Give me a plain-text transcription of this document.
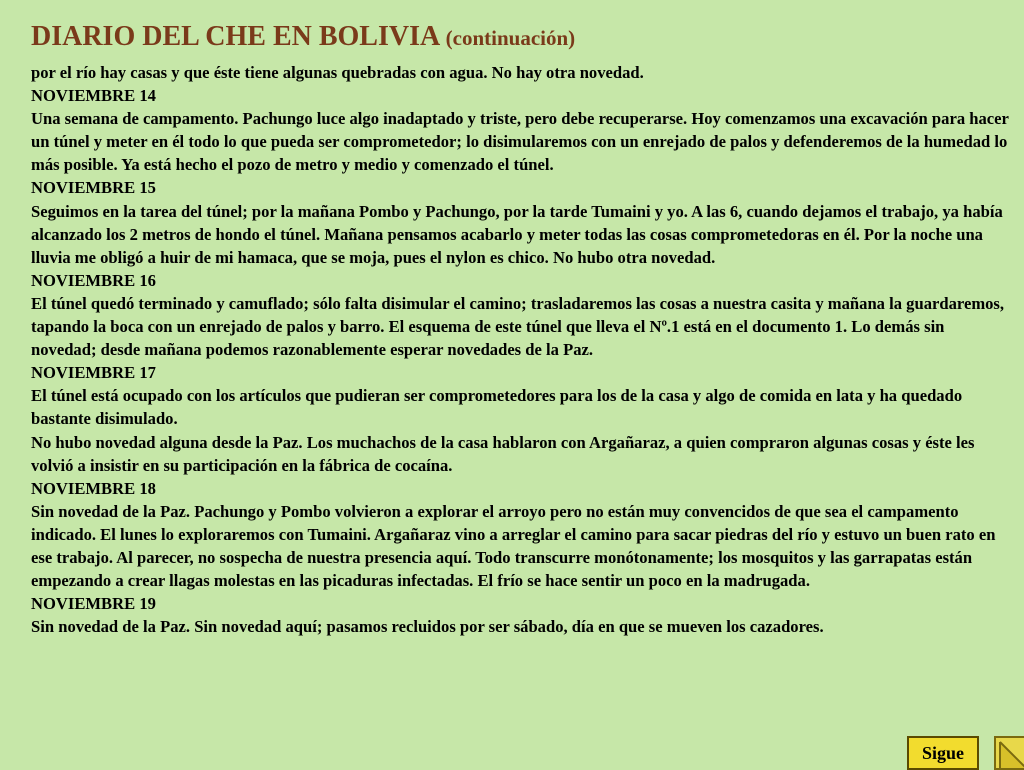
DIARIO DEL CHE EN BOLIVIA (continuación)

por el río hay casas y que éste tiene algunas quebradas con agua. No hay otra novedad.

NOVIEMBRE 14

Una semana de campamento. Pachungo luce algo inadaptado y triste, pero debe recuperarse. Hoy comenzamos una excavación para hacer un túnel y meter en él todo lo que pueda ser comprometedor; lo disimularemos con un enrejado de palos y defenderemos de la humedad lo más posible. Ya está hecho el pozo de metro y medio y comenzado el túnel.

NOVIEMBRE 15

Seguimos en la tarea del túnel; por la mañana Pombo y Pachungo, por la tarde Tumaini y yo. A las 6, cuando dejamos el trabajo, ya había alcanzado los 2 metros de hondo el túnel. Mañana pensamos acabarlo y meter todas las cosas comprometedoras en él. Por la noche una lluvia me obligó a huir de mi hamaca, que se moja, pues el nylon es chico. No hubo otra novedad.

NOVIEMBRE 16

El túnel quedó terminado y camuflado; sólo falta disimular el camino; trasladaremos las cosas a nuestra casita y mañana la guardaremos, tapando la boca con un enrejado de palos y barro. El esquema de este túnel que lleva el Nº.1 está en el documento 1. Lo demás sin novedad; desde mañana podemos razonablemente esperar novedades de la Paz.

NOVIEMBRE 17

El túnel está ocupado con los artículos que pudieran ser comprometedores para los de la casa y algo de comida en lata y ha quedado bastante disimulado.

No hubo novedad alguna desde la Paz. Los muchachos de la casa hablaron con Argañaraz, a quien compraron algunas cosas y éste les volvió a insistir en su participación en la fábrica de cocaína.

NOVIEMBRE 18

Sin novedad de la Paz. Pachungo y Pombo volvieron a explorar el arroyo pero no están muy convencidos de que sea el campamento indicado. El lunes lo exploraremos con Tumaini. Argañaraz vino a arreglar el camino para sacar piedras del río y estuvo un buen rato en ese trabajo. Al parecer, no sospecha de nuestra presencia aquí. Todo transcurre monótonamente; los mosquitos y las garrapatas están empezando a crear llagas molestas en las picaduras infectadas. El frío se hace sentir un poco en la madrugada.

NOVIEMBRE 19

Sin novedad de la Paz. Sin novedad aquí; pasamos recluidos por ser sábado, día en que se mueven los cazadores.

Sigue
